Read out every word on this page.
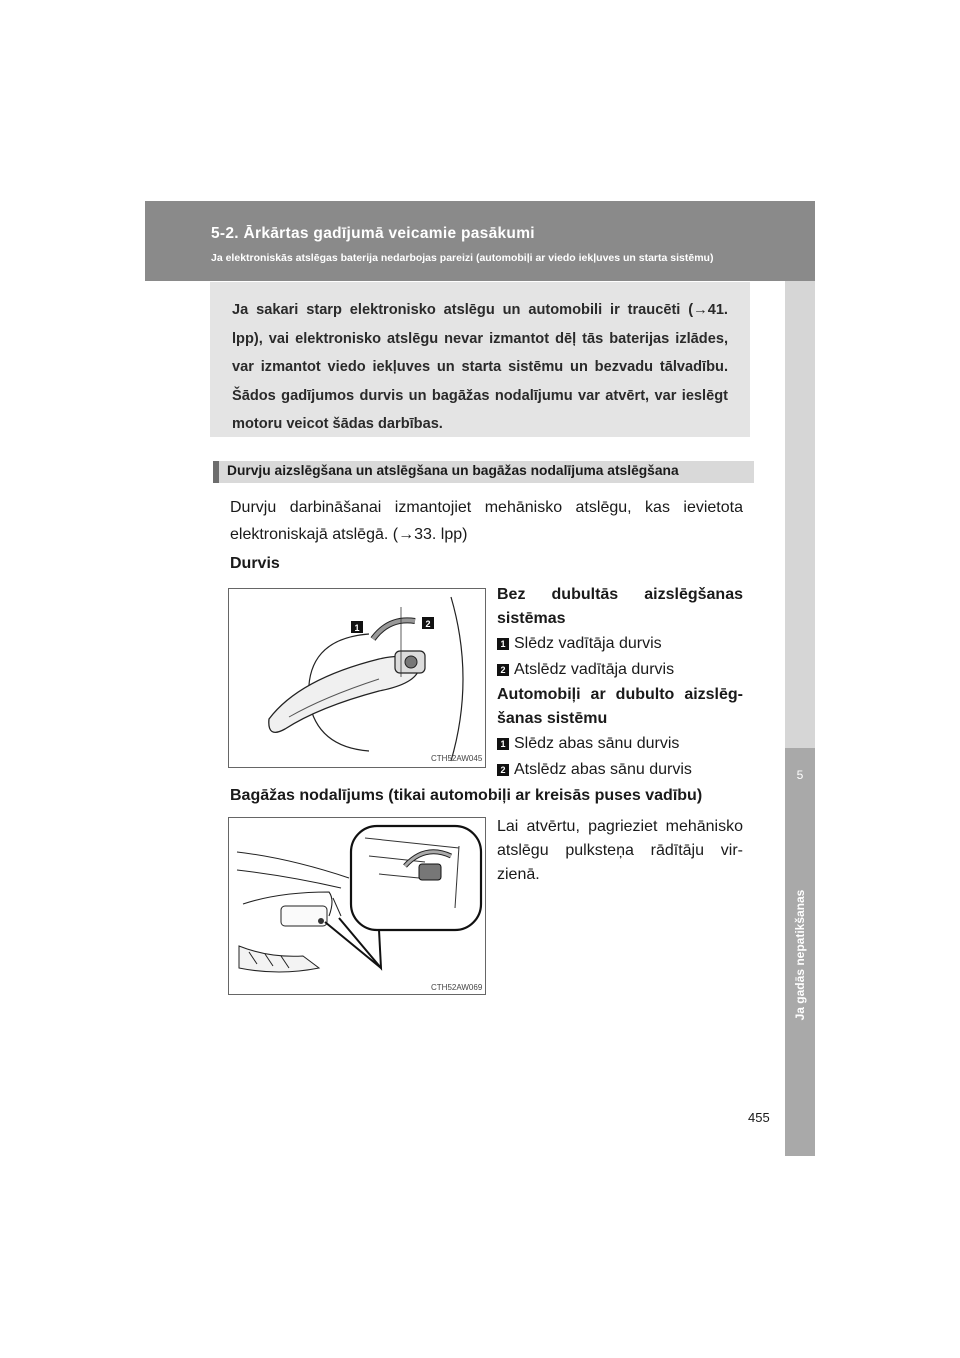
5-2. Ārkārtas gadījumā veicamie pasākumi
Ja elektroniskās atslēgas baterija nedarbojas pareizi (automobiļi ar viedo iekļuves un starta sistēmu)
5
Ja gadās nepatikšanas

Ja sakari starp elektronisko atslēgu un automobili ir traucēti (→41. lpp), vai elektronisko atslēgu nevar izmantot dēļ tās baterijas izlādes, var izmantot viedo iekļuves un starta sistēmu un bezvadu tālvadību. Šādos gadījumos durvis un bagāžas nodalījumu var atvērt, var ieslēgt motoru veicot šādas darbības.

Durvju aizslēgšana un atslēgšana un bagāžas nodalījuma atslēgšana

Durvju darbināšanai izmantojiet mehānisko atslēgu, kas ievietota elektroniskajā atslēgā. (→33. lpp)

Durvis
1	2
CTH52AW045
Bez dubultās aizslēgšanas
sistēmas
1 Slēdz vadītāja durvis
2 Atslēdz vadītāja durvis
Automobiļi ar dubulto aizslēg-
šanas sistēmu
1 Slēdz abas sānu durvis
2 Atslēdz abas sānu durvis
Bagāžas nodalījums (tikai automobiļi ar kreisās puses vadību)
CTH52AW069
Lai atvērtu, pagrieziet mehānisko
atslēgu pulksteņa rādītāju vir-
zienā.
455
